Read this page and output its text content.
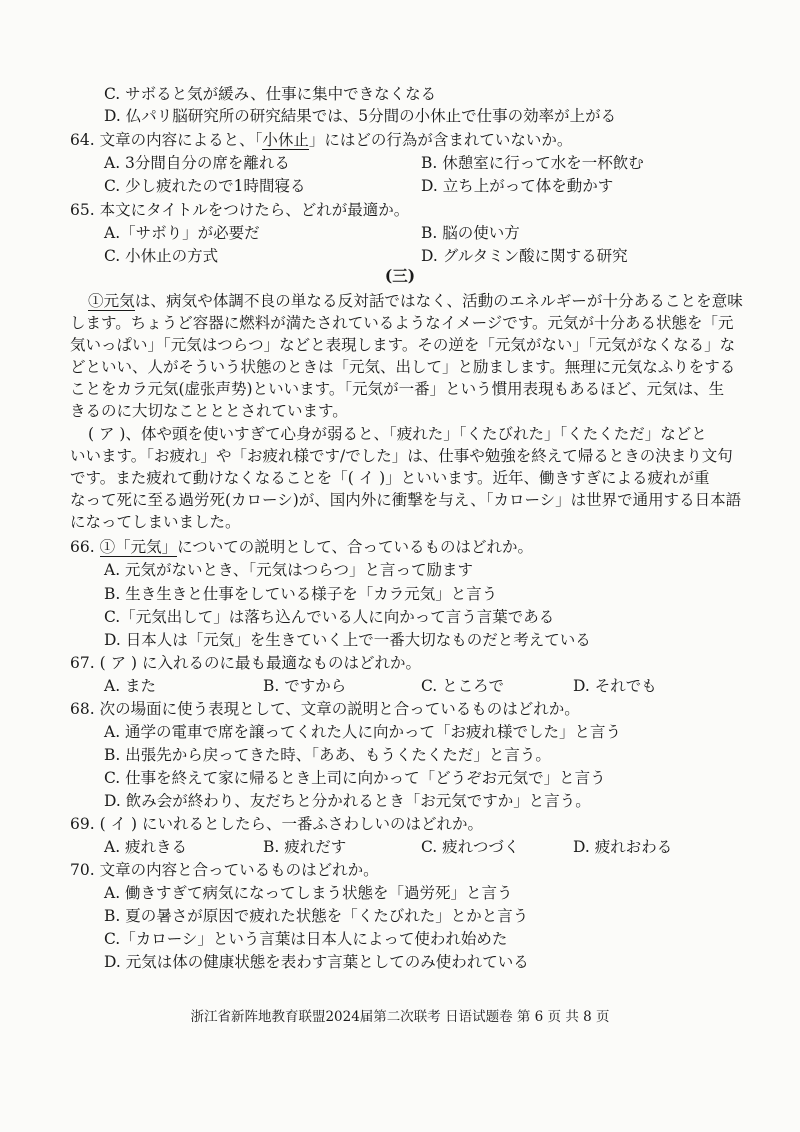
C. サボると気が緩み、仕事に集中できなくなる
D. 仏パリ脳研究所の研究結果では、5分間の小休止で仕事の効率が上がる
64. 文章の内容によると、「小休止」にはどの行為が含まれていないか。
A. 3分間自分の席を離れる	B. 休憩室に行って水を一杯飲む
C. 少し疲れたので1時間寝る	D. 立ち上がって体を動かす
65. 本文にタイトルをつけたら、どれが最適か。
A.「サボり」が必要だ	B. 脳の使い方
C. 小休止の方式	D. グルタミン酸に関する研究
(三)
①元気は、病気や体調不良の単なる反対話ではなく、活動のエネルギーが十分あることを意味
します。ちょうど容器に燃料が満たされているようなイメージです。元気が十分ある状態を「元
気いっぱい」「元気はつらつ」などと表現します。その逆を「元気がない」「元気がなくなる」な
どといい、人がそういう状態のときは「元気、出して」と励まします。無理に元気なふりをする
ことをカラ元気(虚张声势)といいます。「元気が一番」という慣用表現もあるほど、元気は、生
きるのに大切なことととされています。
( ア )、体や頭を使いすぎて心身が弱ると、「疲れた」「くたびれた」「くたくただ」などと
いいます。「お疲れ」や「お疲れ様です/でした」は、仕事や勉強を終えて帰るときの決まり文句
です。また疲れて動けなくなることを「( イ )」といいます。近年、働きすぎによる疲れが重
なって死に至る過労死(カローシ)が、国内外に衝撃を与え、「カローシ」は世界で通用する日本語
になってしまいました。
66. ①「元気」についての説明として、合っているものはどれか。
A. 元気がないとき、「元気はつらつ」と言って励ます
B. 生き生きと仕事をしている様子を「カラ元気」と言う
C.「元気出して」は落ち込んでいる人に向かって言う言葉である
D. 日本人は「元気」を生きていく上で一番大切なものだと考えている
67. ( ア ) に入れるのに最も最適なものはどれか。
A. また	B. ですから	C. ところで	D. それでも
68. 次の場面に使う表現として、文章の説明と合っているものはどれか。
A. 通学の電車で席を譲ってくれた人に向かって「お疲れ様でした」と言う
B. 出張先から戻ってきた時、「ああ、もうくたくただ」と言う。
C. 仕事を終えて家に帰るとき上司に向かって「どうぞお元気で」と言う
D. 飲み会が終わり、友だちと分かれるとき「お元気ですか」と言う。
69. ( イ ) にいれるとしたら、一番ふさわしいのはどれか。
A. 疲れきる	B. 疲れだす	C. 疲れつづく	D. 疲れおわる
70. 文章の内容と合っているものはどれか。
A. 働きすぎて病気になってしまう状態を「過労死」と言う
B. 夏の暑さが原因で疲れた状態を「くたびれた」とかと言う
C.「カローシ」という言葉は日本人によって使われ始めた
D. 元気は体の健康状態を表わす言葉としてのみ使われている
浙江省新阵地教育联盟2024届第二次联考 日语试题卷 第 6 页 共 8 页
